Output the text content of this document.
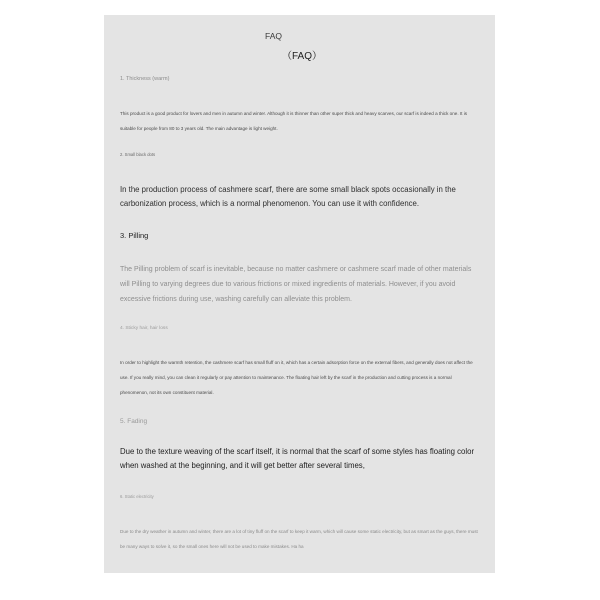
FAQ

（FAQ）

1. Thickness (warm)

This product is a good product for lovers and men in autumn and winter. Although it is thinner than other super thick and heavy scarves, our scarf is indeed a thick one. It is suitable for people from 80 to 3 years old. The main advantage is light weight.

2. Small black dots

In the production process of cashmere scarf, there are some small black spots occasionally in the carbonization process, which is a normal phenomenon. You can use it with confidence.

3. Pilling

The Pilling problem of scarf is inevitable, because no matter cashmere or cashmere scarf made of other materials will Pilling to varying degrees due to various frictions or mixed ingredients of materials. However, if you avoid excessive frictions during use, washing carefully can alleviate this problem.

4. Sticky hair, hair loss

In order to highlight the warmth retention, the cashmere scarf has small fluff on it, which has a certain adsorption force on the external fibers, and generally does not affect the use. If you really mind, you can clean it regularly or pay attention to maintenance. The floating hair left by the scarf in the production and cutting process is a normal phenomenon, not its own constituent material.

5. Fading

Due to the texture weaving of the scarf itself, it is normal that the scarf of some styles has floating color when washed at the beginning, and it will get better after several times,

6. Static electricity

Due to the dry weather in autumn and winter, there are a lot of tiny fluff on the scarf to keep it warm, which will cause some static electricity, but as smart as the guys, there must be many ways to solve it, so the small ones here will not be used to make mistakes. Ha ha
